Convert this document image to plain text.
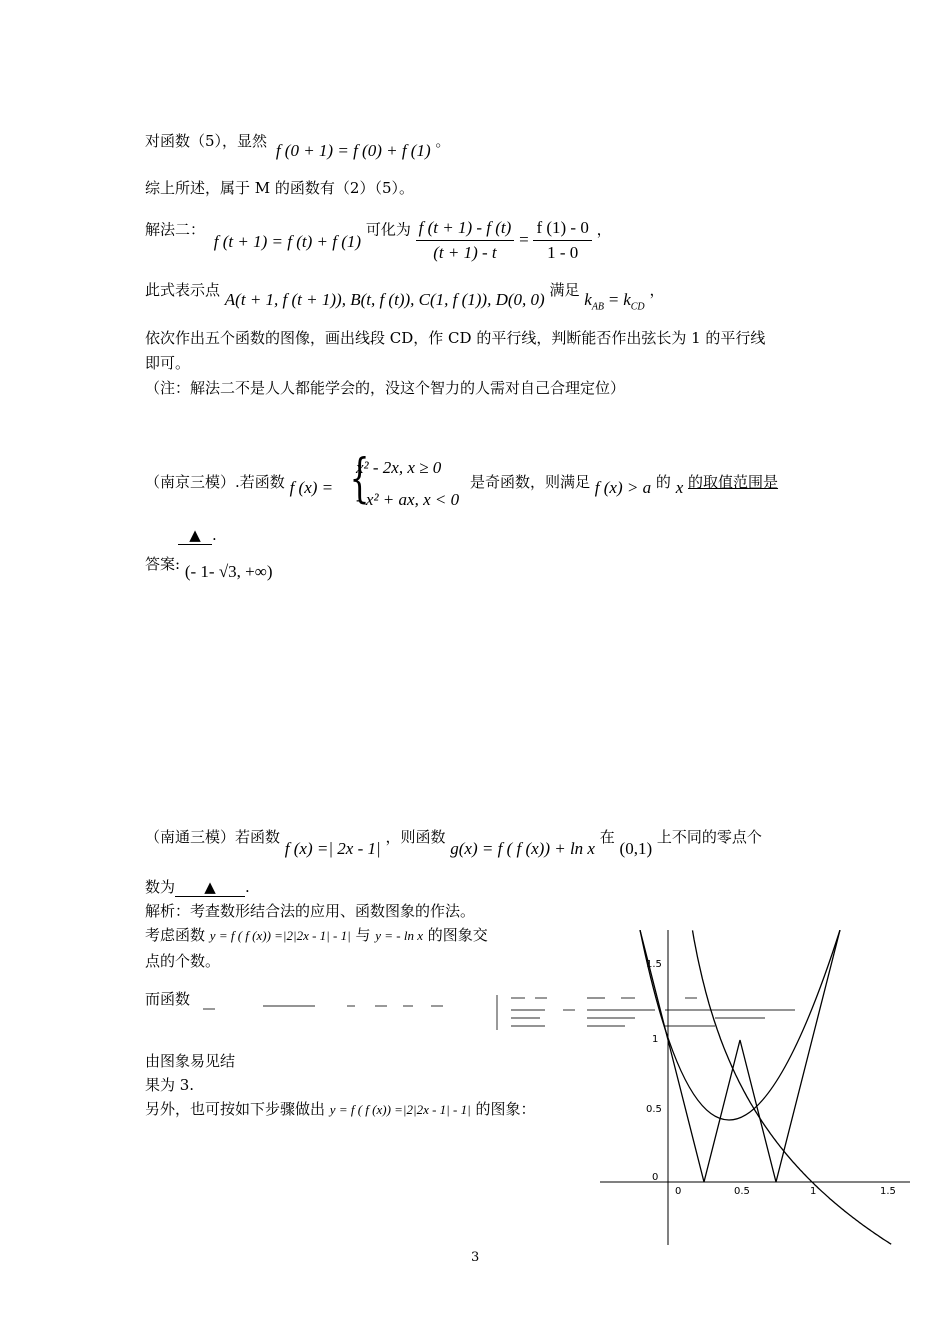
对函数（5），显然 f (0 + 1) = f (0) + f (1) 。
综上所述，属于 M 的函数有（2）（5）。
解法二： f (t + 1) = f (t) + f (1) 可化为 $\frac{f (t + 1) - f (t)}{(t + 1) - t} = \frac{f (1) - 0}{1 - 0}$ ，
此式表示点 A(t + 1, f (t + 1)), B(t, f (t)), C(1, f (1)), D(0, 0) 满足 $k_{AB} = k_{CD}$ ，
依次作出五个函数的图像，画出线段 CD，作 CD 的平行线，判断能否作出弦长为 1 的平行线
即可。
（注：解法二不是人人都能学会的，没这个智力的人需对自己合理定位）
（南京三模）.若函数 f (x) = {
x² - 2x, x ≥ 0
- x² + ax, x < 0
是奇函数，则满足 f (x) > a 的 x 的取值范围是
▲ .
答案: (- 1- √3, +∞)
（南通三模）若函数 f (x) =| 2x - 1| ，则函数 g(x) = f ( f (x)) + ln x 在 (0,1) 上不同的零点个
数为 ▲ .
解析：考查数形结合法的应用、函数图象的作法。
考虑函数 y = f ( f (x)) =|2|2x - 1| - 1| 与 y = - ln x 的图象交
点的个数。
而函数
由图象易见结
果为 3.
另外，也可按如下步骤做出 y = f ( f (x)) =|2|2x - 1| - 1| 的图象：
0	0.5	1	1.5
0
0.5
1
1.5
3
